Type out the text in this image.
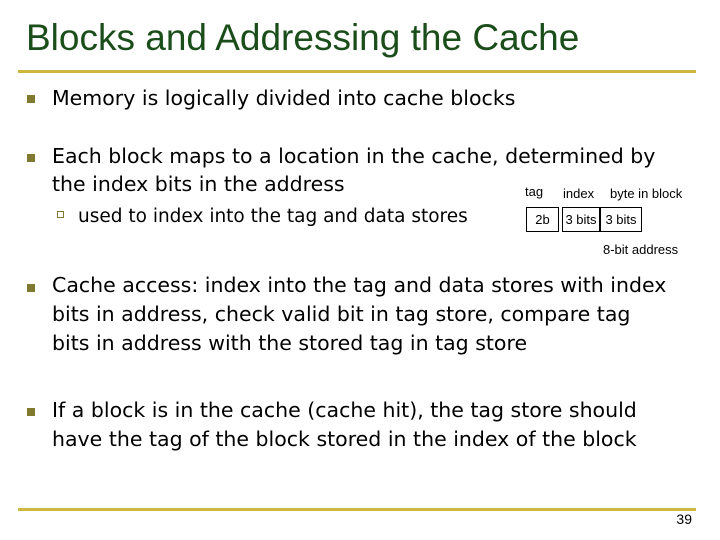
Blocks and Addressing the Cache
Memory is logically divided into cache blocks
Each block maps to a location in the cache, determined by
the index bits in the address
used to index into the tag and data stores
tag index byte in block
2b	3 bits 3 bits
8-bit address
Cache access: index into the tag and data stores with index
bits in address, check valid bit in tag store, compare tag
bits in address with the stored tag in tag store
If a block is in the cache (cache hit), the tag store should
have the tag of the block stored in the index of the block
39
